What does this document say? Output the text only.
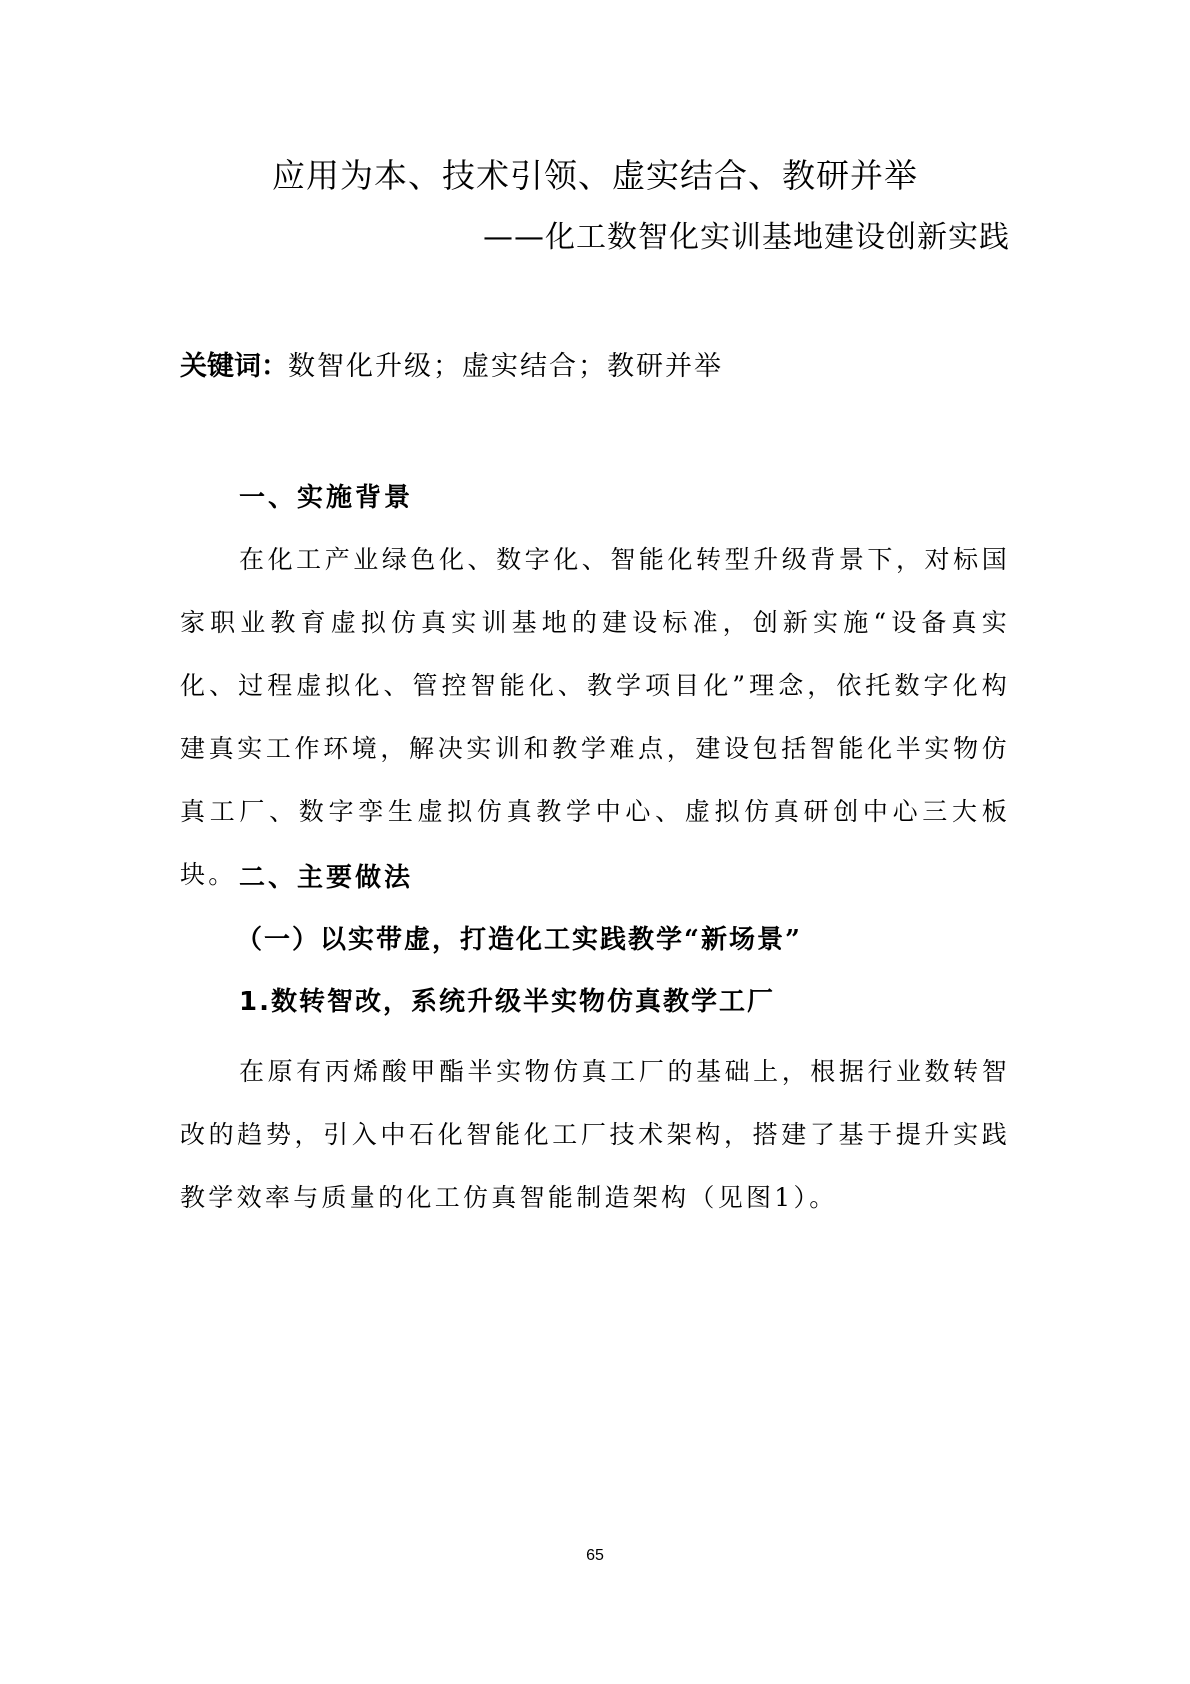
应用为本、技术引领、虚实结合、教研并举

——化工数智化实训基地建设创新实践

关键词：数智化升级；虚实结合；教研并举

一、实施背景

在化工产业绿色化、数字化、智能化转型升级背景下，对标国家职业教育虚拟仿真实训基地的建设标准，创新实施“设备真实化、过程虚拟化、管控智能化、教学项目化”理念，依托数字化构建真实工作环境，解决实训和教学难点，建设包括智能化半实物仿真工厂、数字孪生虚拟仿真教学中心、虚拟仿真研创中心三大板块。 二、主要做法
（一）以实带虚，打造化工实践教学“新场景”
1.数转智改，系统升级半实物仿真教学工厂

在原有丙烯酸甲酯半实物仿真工厂的基础上，根据行业数转智改的趋势，引入中石化智能化工厂技术架构，搭建了基于提升实践教学效率与质量的化工仿真智能制造架构（见图1）。

65
